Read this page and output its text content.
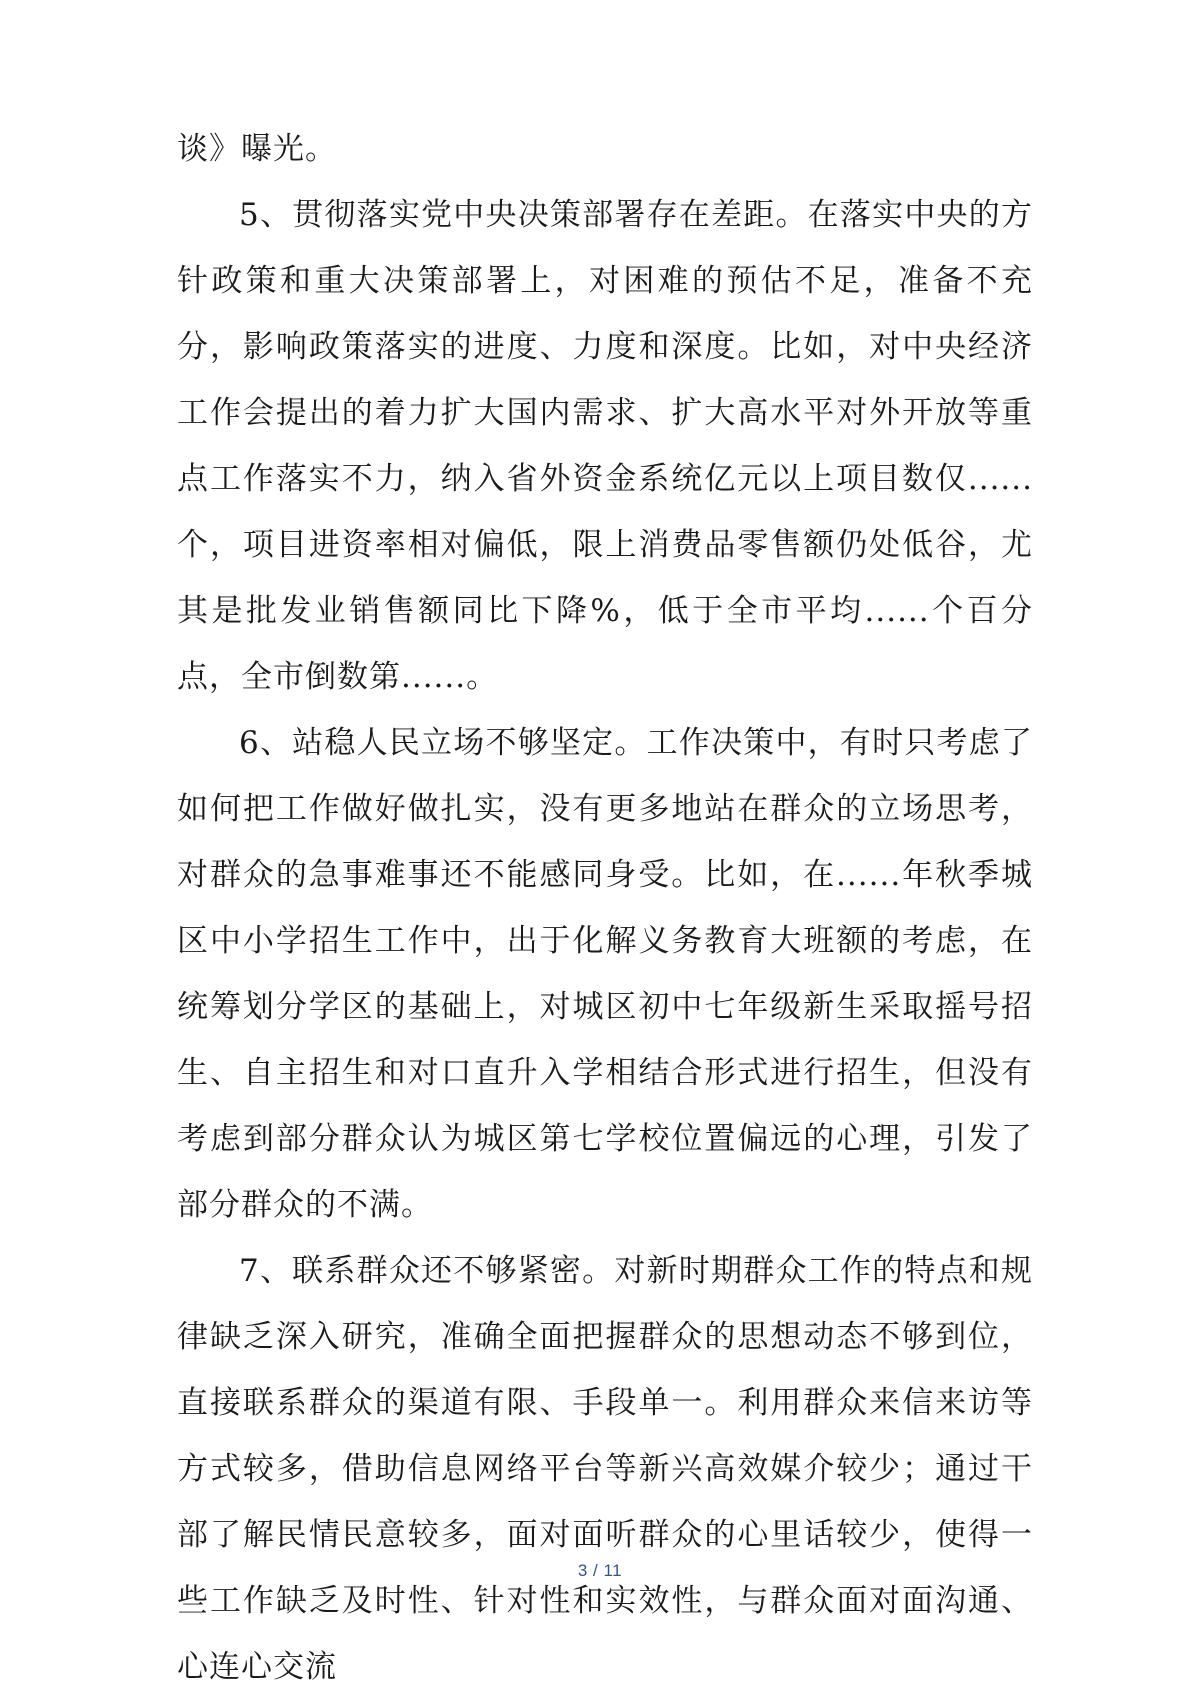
谈》曝光。

5、贯彻落实党中央决策部署存在差距。在落实中央的方针政策和重大决策部署上，对困难的预估不足，准备不充分，影响政策落实的进度、力度和深度。比如，对中央经济工作会提出的着力扩大国内需求、扩大高水平对外开放等重点工作落实不力，纳入省外资金系统亿元以上项目数仅......个，项目进资率相对偏低，限上消费品零售额仍处低谷，尤其是批发业销售额同比下降%，低于全市平均......个百分点，全市倒数第......。

6、站稳人民立场不够坚定。工作决策中，有时只考虑了如何把工作做好做扎实，没有更多地站在群众的立场思考，对群众的急事难事还不能感同身受。比如，在......年秋季城区中小学招生工作中，出于化解义务教育大班额的考虑，在统筹划分学区的基础上，对城区初中七年级新生采取摇号招生、自主招生和对口直升入学相结合形式进行招生，但没有考虑到部分群众认为城区第七学校位置偏远的心理，引发了部分群众的不满。

7、联系群众还不够紧密。对新时期群众工作的特点和规律缺乏深入研究，准确全面把握群众的思想动态不够到位，直接联系群众的渠道有限、手段单一。利用群众来信来访等方式较多，借助信息网络平台等新兴高效媒介较少；通过干部了解民情民意较多，面对面听群众的心里话较少，使得一些工作缺乏及时性、针对性和实效性，与群众面对面沟通、心连心交流

3 / 11
